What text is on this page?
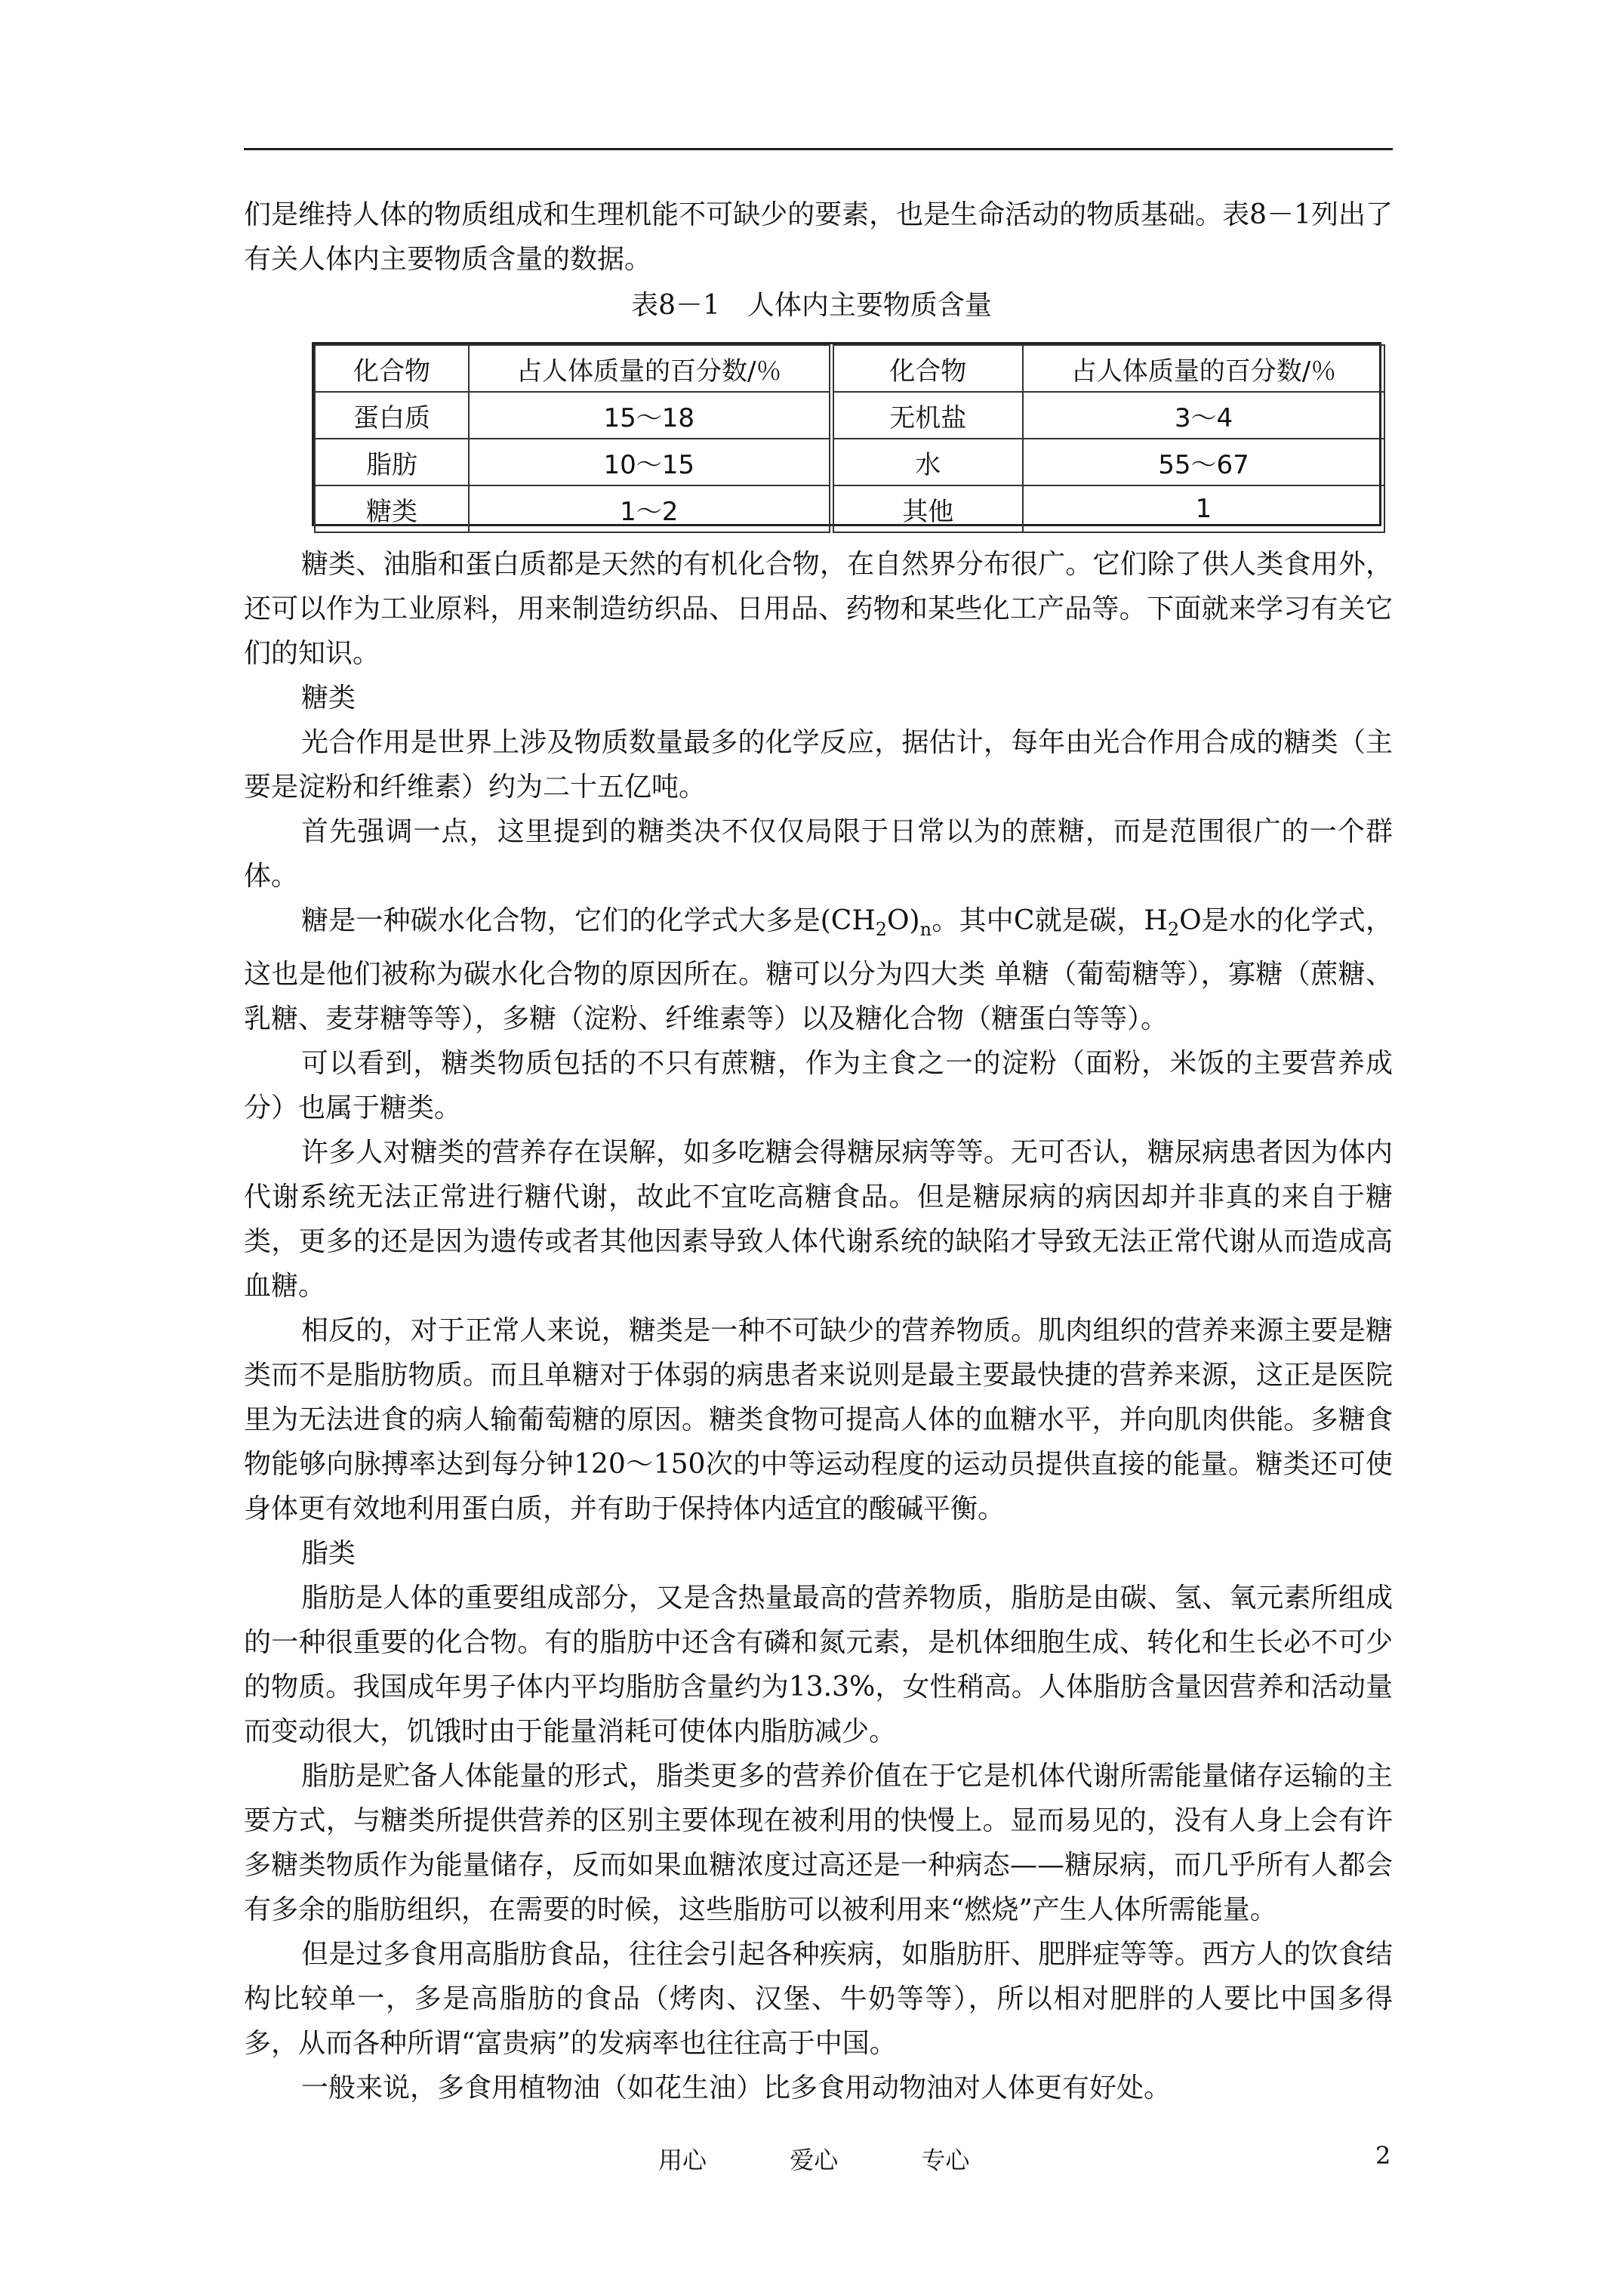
们是维持人体的物质组成和生理机能不可缺少的要素，也是生命活动的物质基础。表8－1列出了有关人体内主要物质含量的数据。

表8－1　人体内主要物质含量
化合物	占人体质量的百分数/％	化合物	占人体质量的百分数/％
蛋白质	15～18	无机盐	3～4
脂肪	10～15	水	55～67
糖类	1～2	其他	1

糖类、油脂和蛋白质都是天然的有机化合物，在自然界分布很广。它们除了供人类食用外，还可以作为工业原料，用来制造纺织品、日用品、药物和某些化工产品等。下面就来学习有关它们的知识。

糖类

光合作用是世界上涉及物质数量最多的化学反应，据估计，每年由光合作用合成的糖类（主要是淀粉和纤维素）约为二十五亿吨。

首先强调一点，这里提到的糖类决不仅仅局限于日常以为的蔗糖，而是范围很广的一个群体。

糖是一种碳水化合物，它们的化学式大多是$(CH_2O)_n$。其中C就是碳，$H_2O$是水的化学式，这也是他们被称为碳水化合物的原因所在。糖可以分为四大类 单糖（葡萄糖等），寡糖（蔗糖、乳糖、麦芽糖等等），多糖（淀粉、纤维素等）以及糖化合物（糖蛋白等等）。

可以看到，糖类物质包括的不只有蔗糖，作为主食之一的淀粉（面粉，米饭的主要营养成分）也属于糖类。

许多人对糖类的营养存在误解，如多吃糖会得糖尿病等等。无可否认，糖尿病患者因为体内代谢系统无法正常进行糖代谢，故此不宜吃高糖食品。但是糖尿病的病因却并非真的来自于糖类，更多的还是因为遗传或者其他因素导致人体代谢系统的缺陷才导致无法正常代谢从而造成高血糖。

相反的，对于正常人来说，糖类是一种不可缺少的营养物质。肌肉组织的营养来源主要是糖类而不是脂肪物质。而且单糖对于体弱的病患者来说则是最主要最快捷的营养来源，这正是医院里为无法进食的病人输葡萄糖的原因。糖类食物可提高人体的血糖水平，并向肌肉供能。多糖食物能够向脉搏率达到每分钟120～150次的中等运动程度的运动员提供直接的能量。糖类还可使身体更有效地利用蛋白质，并有助于保持体内适宜的酸碱平衡。

脂类

脂肪是人体的重要组成部分，又是含热量最高的营养物质，脂肪是由碳、氢、氧元素所组成的一种很重要的化合物。有的脂肪中还含有磷和氮元素，是机体细胞生成、转化和生长必不可少的物质。我国成年男子体内平均脂肪含量约为13.3%，女性稍高。人体脂肪含量因营养和活动量而变动很大，饥饿时由于能量消耗可使体内脂肪减少。

脂肪是贮备人体能量的形式，脂类更多的营养价值在于它是机体代谢所需能量储存运输的主要方式，与糖类所提供营养的区别主要体现在被利用的快慢上。显而易见的，没有人身上会有许多糖类物质作为能量储存，反而如果血糖浓度过高还是一种病态——糖尿病，而几乎所有人都会有多余的脂肪组织，在需要的时候，这些脂肪可以被利用来“燃烧”产生人体所需能量。

但是过多食用高脂肪食品，往往会引起各种疾病，如脂肪肝、肥胖症等等。西方人的饮食结构比较单一，多是高脂肪的食品（烤肉、汉堡、牛奶等等），所以相对肥胖的人要比中国多得多，从而各种所谓“富贵病”的发病率也往往高于中国。

一般来说，多食用植物油（如花生油）比多食用动物油对人体更有好处。

用心	爱心	专心	2
